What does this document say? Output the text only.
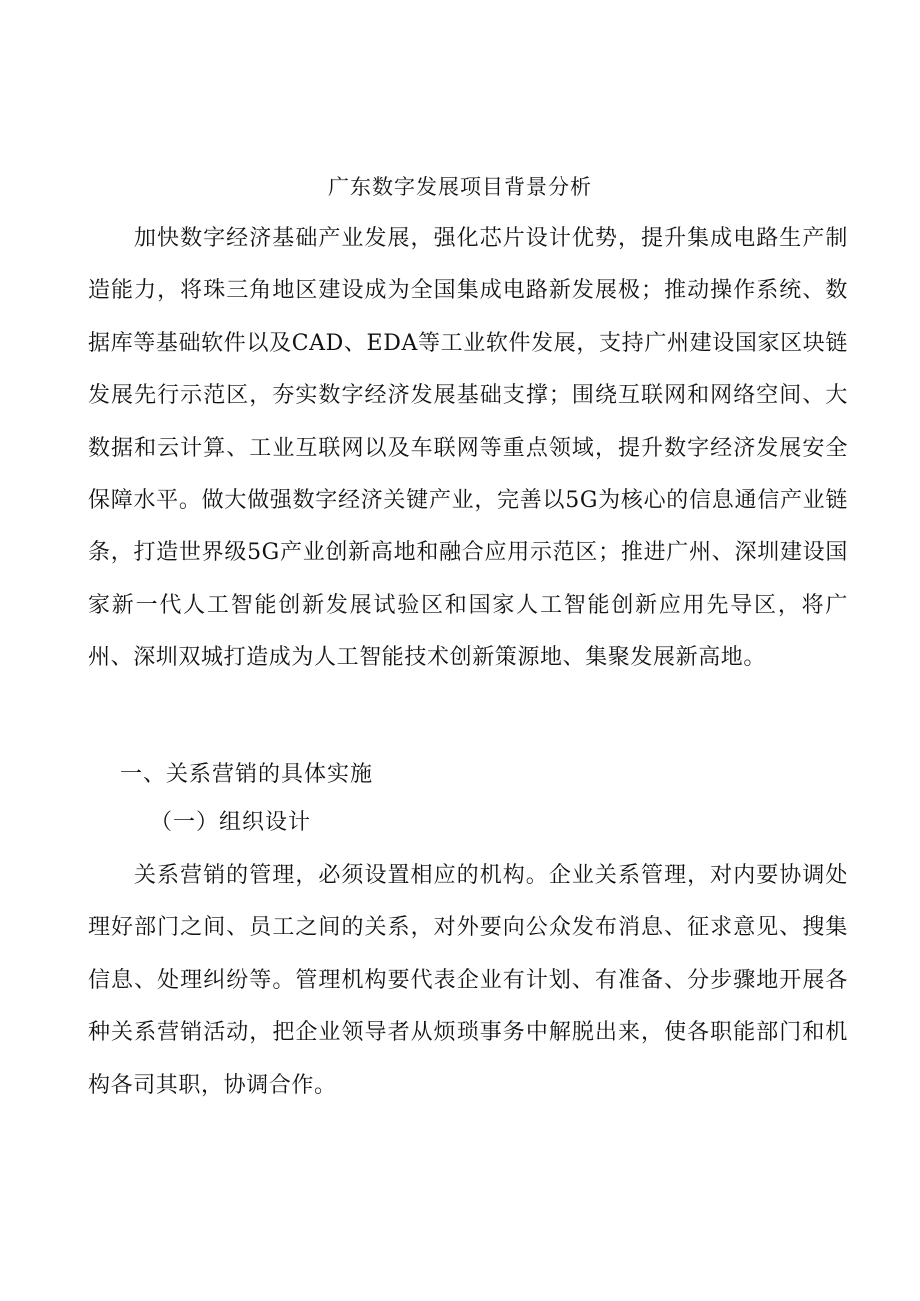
广东数字发展项目背景分析

加快数字经济基础产业发展，强化芯片设计优势，提升集成电路生产制造能力，将珠三角地区建设成为全国集成电路新发展极；推动操作系统、数据库等基础软件以及CAD、EDA等工业软件发展，支持广州建设国家区块链发展先行示范区，夯实数字经济发展基础支撑；围绕互联网和网络空间、大数据和云计算、工业互联网以及车联网等重点领域，提升数字经济发展安全保障水平。做大做强数字经济关键产业，完善以5G为核心的信息通信产业链条，打造世界级5G产业创新高地和融合应用示范区；推进广州、深圳建设国家新一代人工智能创新发展试验区和国家人工智能创新应用先导区，将广州、深圳双城打造成为人工智能技术创新策源地、集聚发展新高地。

一、关系营销的具体实施

（一）组织设计

关系营销的管理，必须设置相应的机构。企业关系管理，对内要协调处理好部门之间、员工之间的关系，对外要向公众发布消息、征求意见、搜集信息、处理纠纷等。管理机构要代表企业有计划、有准备、分步骤地开展各种关系营销活动，把企业领导者从烦琐事务中解脱出来，使各职能部门和机构各司其职，协调合作。
